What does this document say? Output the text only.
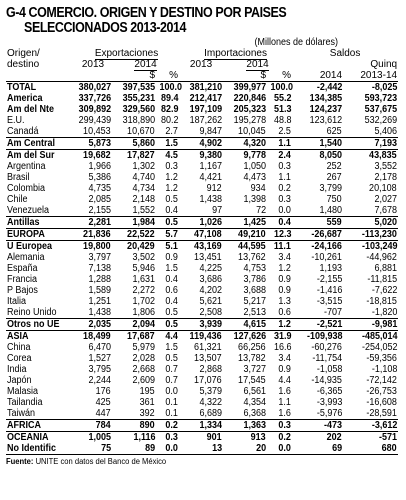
G-4 COMERCIO. ORIGEN Y DESTINO POR PAISES
SELECCIONADOS 2013-2014
(Millones de dólares)
Origen/	Exportaciones			Importaciones			Saldos	
destino	2013	2014		2013	2014			Quinq
		$	%		$	%	2014	2013-14
TOTAL	380,027	397,535	100.0	381,210	399,977	100.0	-2,442	-8,025
America	337,726	355,231	89.4	212,417	220,846	55.2	134,385	593,723
Am del Nte	309,892	329,560	82.9	197,109	205,323	51.3	124,237	537,675
E.U.	299,439	318,890	80.2	187,262	195,278	48.8	123,612	532,269
Canadá	10,453	10,670	2.7	9,847	10,045	2.5	625	5,406
Am Central	5,873	5,860	1.5	4,902	4,320	1.1	1,540	7,193
Am del Sur	19,682	17,827	4.5	9,380	9,778	2.4	8,050	43,835
Argentina	1,966	1,302	0.3	1,167	1,050	0.3	252	3,552
Brasil	5,386	4,740	1.2	4,421	4,473	1.1	267	2,178
Colombia	4,735	4,734	1.2	912	934	0.2	3,799	20,108
Chile	2,085	2,148	0.5	1,438	1,398	0.3	750	2,027
Venezuela	2,155	1,552	0.4	97	72	0.0	1,480	7,678
Antillas	2,281	1,984	0.5	1,026	1,425	0.4	559	5,020
EUROPA	21,836	22,522	5.7	47,108	49,210	12.3	-26,687	-113,230
U Europea	19,800	20,429	5.1	43,169	44,595	11.1	-24,166	-103,249
Alemania	3,797	3,502	0.9	13,451	13,762	3.4	-10,261	-44,962
España	7,138	5,946	1.5	4,225	4,753	1.2	1,193	6,881
Francia	1,288	1,631	0.4	3,686	3,786	0.9	-2,155	-11,815
P Bajos	1,589	2,272	0.6	4,202	3,688	0.9	-1,416	-7,622
Italia	1,251	1,702	0.4	5,621	5,217	1.3	-3,515	-18,815
Reino Unido	1,438	1,806	0.5	2,508	2,513	0.6	-707	-1,820
Otros no UE	2,035	2,094	0.5	3,939	4,615	1.2	-2,521	-9,981
ASIA	18,499	17,687	4.4	119,436	127,626	31.9	-109,938	-485,014
China	6,470	5,979	1.5	61,321	66,256	16.6	-60,276	-254,052
Corea	1,527	2,028	0.5	13,507	13,782	3.4	-11,754	-59,356
India	3,795	2,668	0.7	2,868	3,727	0.9	-1,058	-1,108
Japón	2,244	2,609	0.7	17,076	17,545	4.4	-14,935	-72,142
Malasia	176	195	0.0	5,379	6,561	1.6	-6,365	-26,753
Tailandia	425	361	0.1	4,322	4,354	1.1	-3,993	-16,608
Taiwán	447	392	0.1	6,689	6,368	1.6	-5,976	-28,591
AFRICA	784	890	0.2	1,334	1,363	0.3	-473	-3,612
OCEANIA	1,005	1,116	0.3	901	913	0.2	202	-571
No Identific	75	89	0.0	13	20	0.0	69	680
Fuente: UNITE con datos del Banco de México
